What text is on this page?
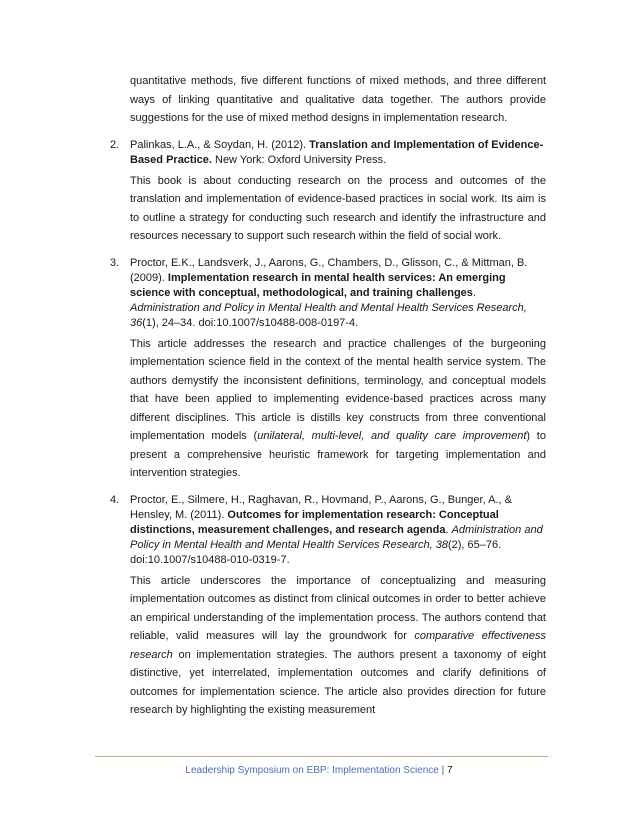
quantitative methods, five different functions of mixed methods, and three different ways of linking quantitative and qualitative data together. The authors provide suggestions for the use of mixed method designs in implementation research.

2. Palinkas, L.A., & Soydan, H. (2012). Translation and Implementation of Evidence-Based Practice. New York: Oxford University Press.

This book is about conducting research on the process and outcomes of the translation and implementation of evidence-based practices in social work. Its aim is to outline a strategy for conducting such research and identify the infrastructure and resources necessary to support such research within the field of social work.

3. Proctor, E.K., Landsverk, J., Aarons, G., Chambers, D., Glisson, C., & Mittman, B. (2009). Implementation research in mental health services: An emerging science with conceptual, methodological, and training challenges. Administration and Policy in Mental Health and Mental Health Services Research, 36(1), 24–34. doi:10.1007/s10488-008-0197-4.

This article addresses the research and practice challenges of the burgeoning implementation science field in the context of the mental health service system. The authors demystify the inconsistent definitions, terminology, and conceptual models that have been applied to implementing evidence-based practices across many different disciplines. This article is distills key constructs from three conventional implementation models (unilateral, multi-level, and quality care improvement) to present a comprehensive heuristic framework for targeting implementation and intervention strategies.

4. Proctor, E., Silmere, H., Raghavan, R., Hovmand, P., Aarons, G., Bunger, A., & Hensley, M. (2011). Outcomes for implementation research: Conceptual distinctions, measurement challenges, and research agenda. Administration and Policy in Mental Health and Mental Health Services Research, 38(2), 65–76. doi:10.1007/s10488-010-0319-7.

This article underscores the importance of conceptualizing and measuring implementation outcomes as distinct from clinical outcomes in order to better achieve an empirical understanding of the implementation process. The authors contend that reliable, valid measures will lay the groundwork for comparative effectiveness research on implementation strategies. The authors present a taxonomy of eight distinctive, yet interrelated, implementation outcomes and clarify definitions of outcomes for implementation science. The article also provides direction for future research by highlighting the existing measurement

Leadership Symposium on EBP: Implementation Science | 7
